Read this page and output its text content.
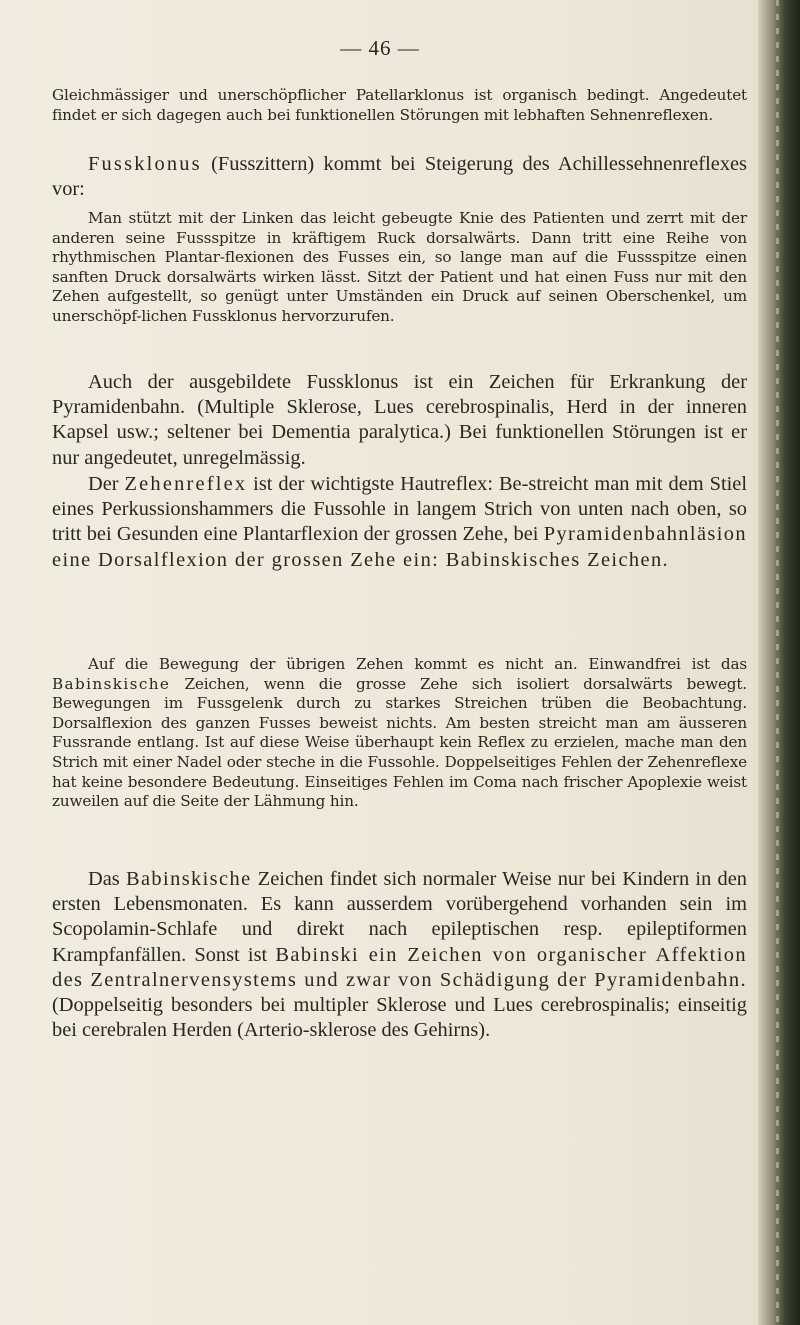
— 46 —

Gleichmässiger und unerschöpflicher Patellarklonus ist organisch bedingt. Angedeutet findet er sich dagegen auch bei funktionellen Störungen mit lebhaften Sehnenreflexen.

Fussklonus (Fusszittern) kommt bei Steigerung des Achillessehnenreflexes vor:

Man stützt mit der Linken das leicht gebeugte Knie des Patienten und zerrt mit der anderen seine Fussspitze in kräftigem Ruck dorsalwärts. Dann tritt eine Reihe von rhythmischen Plantar-flexionen des Fusses ein, so lange man auf die Fussspitze einen sanften Druck dorsalwärts wirken lässt. Sitzt der Patient und hat einen Fuss nur mit den Zehen aufgestellt, so genügt unter Umständen ein Druck auf seinen Oberschenkel, um unerschöpf-lichen Fussklonus hervorzurufen.

Auch der ausgebildete Fussklonus ist ein Zeichen für Erkrankung der Pyramidenbahn. (Multiple Sklerose, Lues cerebrospinalis, Herd in der inneren Kapsel usw.; seltener bei Dementia paralytica.) Bei funktionellen Störungen ist er nur angedeutet, unregelmässig.

Der Zehenreflex ist der wichtigste Hautreflex: Be-streicht man mit dem Stiel eines Perkussionshammers die Fussohle in langem Strich von unten nach oben, so tritt bei Gesunden eine Plantarflexion der grossen Zehe, bei Pyramidenbahnläsion eine Dorsalflexion der grossen Zehe ein: Babinskisches Zeichen.

Auf die Bewegung der übrigen Zehen kommt es nicht an. Einwandfrei ist das Babinskische Zeichen, wenn die grosse Zehe sich isoliert dorsalwärts bewegt. Bewegungen im Fussgelenk durch zu starkes Streichen trüben die Beobachtung. Dorsalflexion des ganzen Fusses beweist nichts. Am besten streicht man am äusseren Fussrande entlang. Ist auf diese Weise überhaupt kein Reflex zu erzielen, mache man den Strich mit einer Nadel oder steche in die Fussohle. Doppelseitiges Fehlen der Zehenreflexe hat keine besondere Bedeutung. Einseitiges Fehlen im Coma nach frischer Apoplexie weist zuweilen auf die Seite der Lähmung hin.

Das Babinskische Zeichen findet sich normaler Weise nur bei Kindern in den ersten Lebensmonaten. Es kann ausserdem vorübergehend vorhanden sein im Scopolamin-Schlafe und direkt nach epileptischen resp. epileptiformen Krampfanfällen. Sonst ist Babinski ein Zeichen von organischer Affektion des Zentralnervensystems und zwar von Schädigung der Pyramidenbahn. (Doppelseitig besonders bei multipler Sklerose und Lues cerebrospinalis; einseitig bei cerebralen Herden (Arterio-sklerose des Gehirns).
